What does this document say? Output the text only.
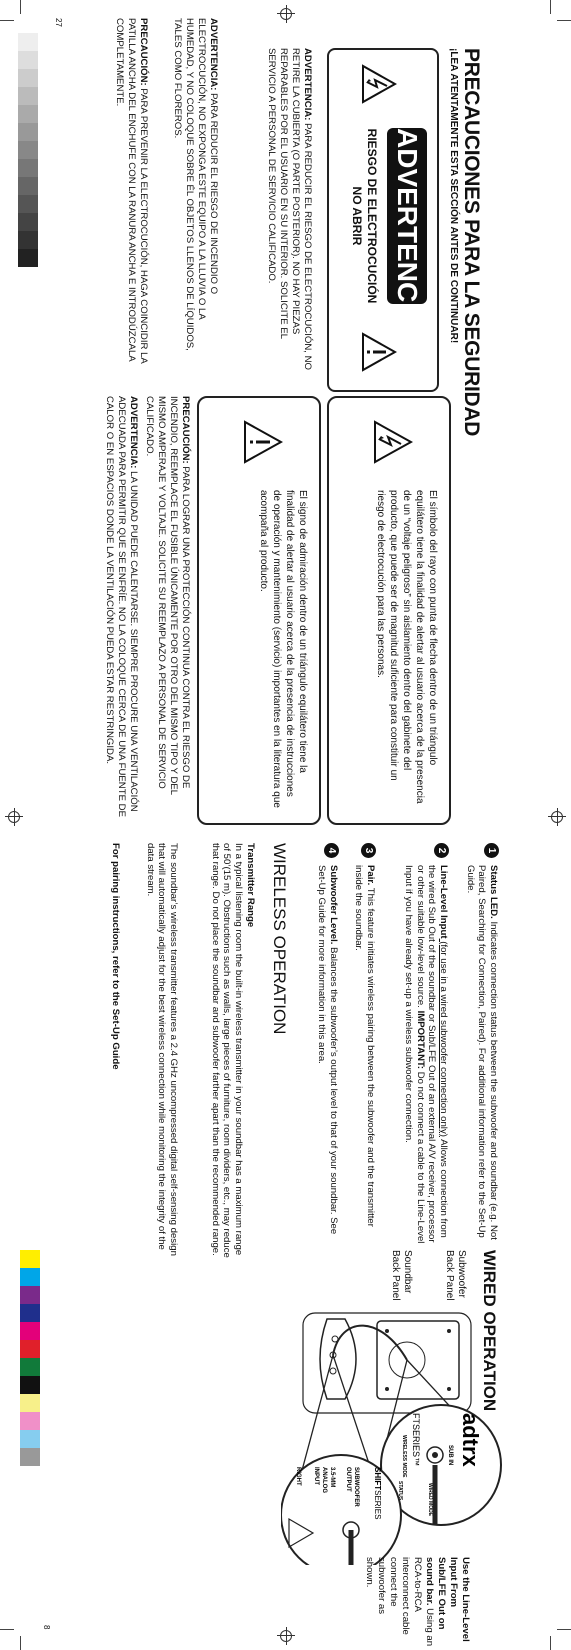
PRECAUCIONES PARA LA SEGURIDAD
¡LEA ATENTAMENTE ESTA SECCIÓN ANTES DE CONTINUAR!
ADVERTENCIA
RIESGO DE ELECTROCUCIÓN
NO ABRIR
ADVERTENCIA: PARA REDUCIR EL RIESGO DE ELECTROCUCIÓN, NO RETIRE LA CUBIERTA (O PARTE POSTERIOR). NO HAY PIEZAS REPARABLES POR EL USUARIO EN SU INTERIOR. SOLICITE EL SERVICIO A PERSONAL DE SERVICIO CALIFICADO.
ADVERTENCIA: PARA REDUCIR EL RIESGO DE INCENDIO O ELECTROCUCIÓN, NO EXPONGA ESTE EQUIPO A LA LLUVIA O LA HUMEDAD, Y NO COLOQUE SOBRE ÉL OBJETOS LLENOS DE LÍQUIDOS, TALES COMO FLOREROS.
PRECAUCIÓN: PARA PREVENIR LA ELECTROCUCIÓN, HAGA COINCIDIR LA PATILLA ANCHA DEL ENCHUFE CON LA RANURA ANCHA E INTRODÚZCALA COMPLETAMENTE.
El símbolo del rayo con punta de flecha dentro de un triángulo equilátero tiene la finalidad de alertar al usuario acerca de la presencia de un “voltaje peligroso” sin aislamiento dentro del gabinete del producto, que puede ser de magnitud suficiente para constituir un riesgo de electrocución para las personas.
El signo de admiración dentro de un triángulo equilátero tiene la finalidad de alertar al usuario acerca de la presencia de instrucciones de operación y mantenimiento (servicio) importantes en la literatura que acompaña al producto.
PRECAUCIÓN: PARA LOGRAR UNA PROTECCIÓN CONTINUA CONTRA EL RIESGO DE INCENDIO, REEMPLACE EL FUSIBLE ÚNICAMENTE POR OTRO DEL MISMO TIPO Y DEL MISMO AMPERAJE Y VOLTAJE. SOLICITE SU REEMPLAZO A PERSONAL DE SERVICIO CALIFICADO.
ADVERTENCIA: LA UNIDAD PUEDE CALENTARSE. SIEMPRE PROCURE UNA VENTILACIÓN ADECUADA PARA PERMITIR QUE SE ENFRÍE. NO LA COLOQUE CERCA DE UNA FUENTE DE CALOR O EN ESPACIOS DONDE LA VENTILACIÓN PUEDA ESTAR RESTRINGIDA.
27
1
Status LED. Indicates connection status between the subwoofer and soundbar (e.g. Not Paired, Searching for Connection, Paired). For additional information refer to the Set-Up Guide.
2
Line-Level Input (for use in a wired subwoofer connection only) Allows connection from the wired Sub Out of the soundbar or Sub/LFE Out of an external A/V receiver, processor or other suitable low-level source. IMPORTANT: Do not connect a cable to the Line-Level Input if you have already set-up a wireless subwoofer connection.
3
Pair. This feature initiates wireless pairing between the subwoofer and the transmitter inside the soundbar.
4
Subwoofer Level. Balances the subwoofer’s output level to that of your soundbar. See Set-Up Guide for more information in this area.
WIRELESS OPERATION
Transmitter Range
In a typical listening room the built-in wireless transmitter in your soundbar has a maximum range of 50’(15 m). Obstructions such as walls, large pieces of furniture, room dividers, etc., may reduce that range. Do not place the soundbar and subwoofer farther apart than the recommended range.
The soundbar’s wireless transmitter features a 2.4 GHz uncompressed digital self-sensing design that will automatically adjust for the best wireless connection while monitoring the integrity of the data stream.
For pairing instructions, refer to the Set-Up Guide
WIRED OPERATION
Subwoofer
Back Panel
Soundbar
Back Panel
adtrx
FTSERIES™	SUB IN
WIRELESS MODE
WIRED MODE
STATUS
SHIFTSERIES
SUBWOOFER
OUTPUT
3.5-MM
ANALOG
INPUT
RIGHT
Use the Line-Level Input From Sub/LFE Out on sound bar. Using an RCA-to-RCA interconnect cable connect the subwoofer as shown.
8
